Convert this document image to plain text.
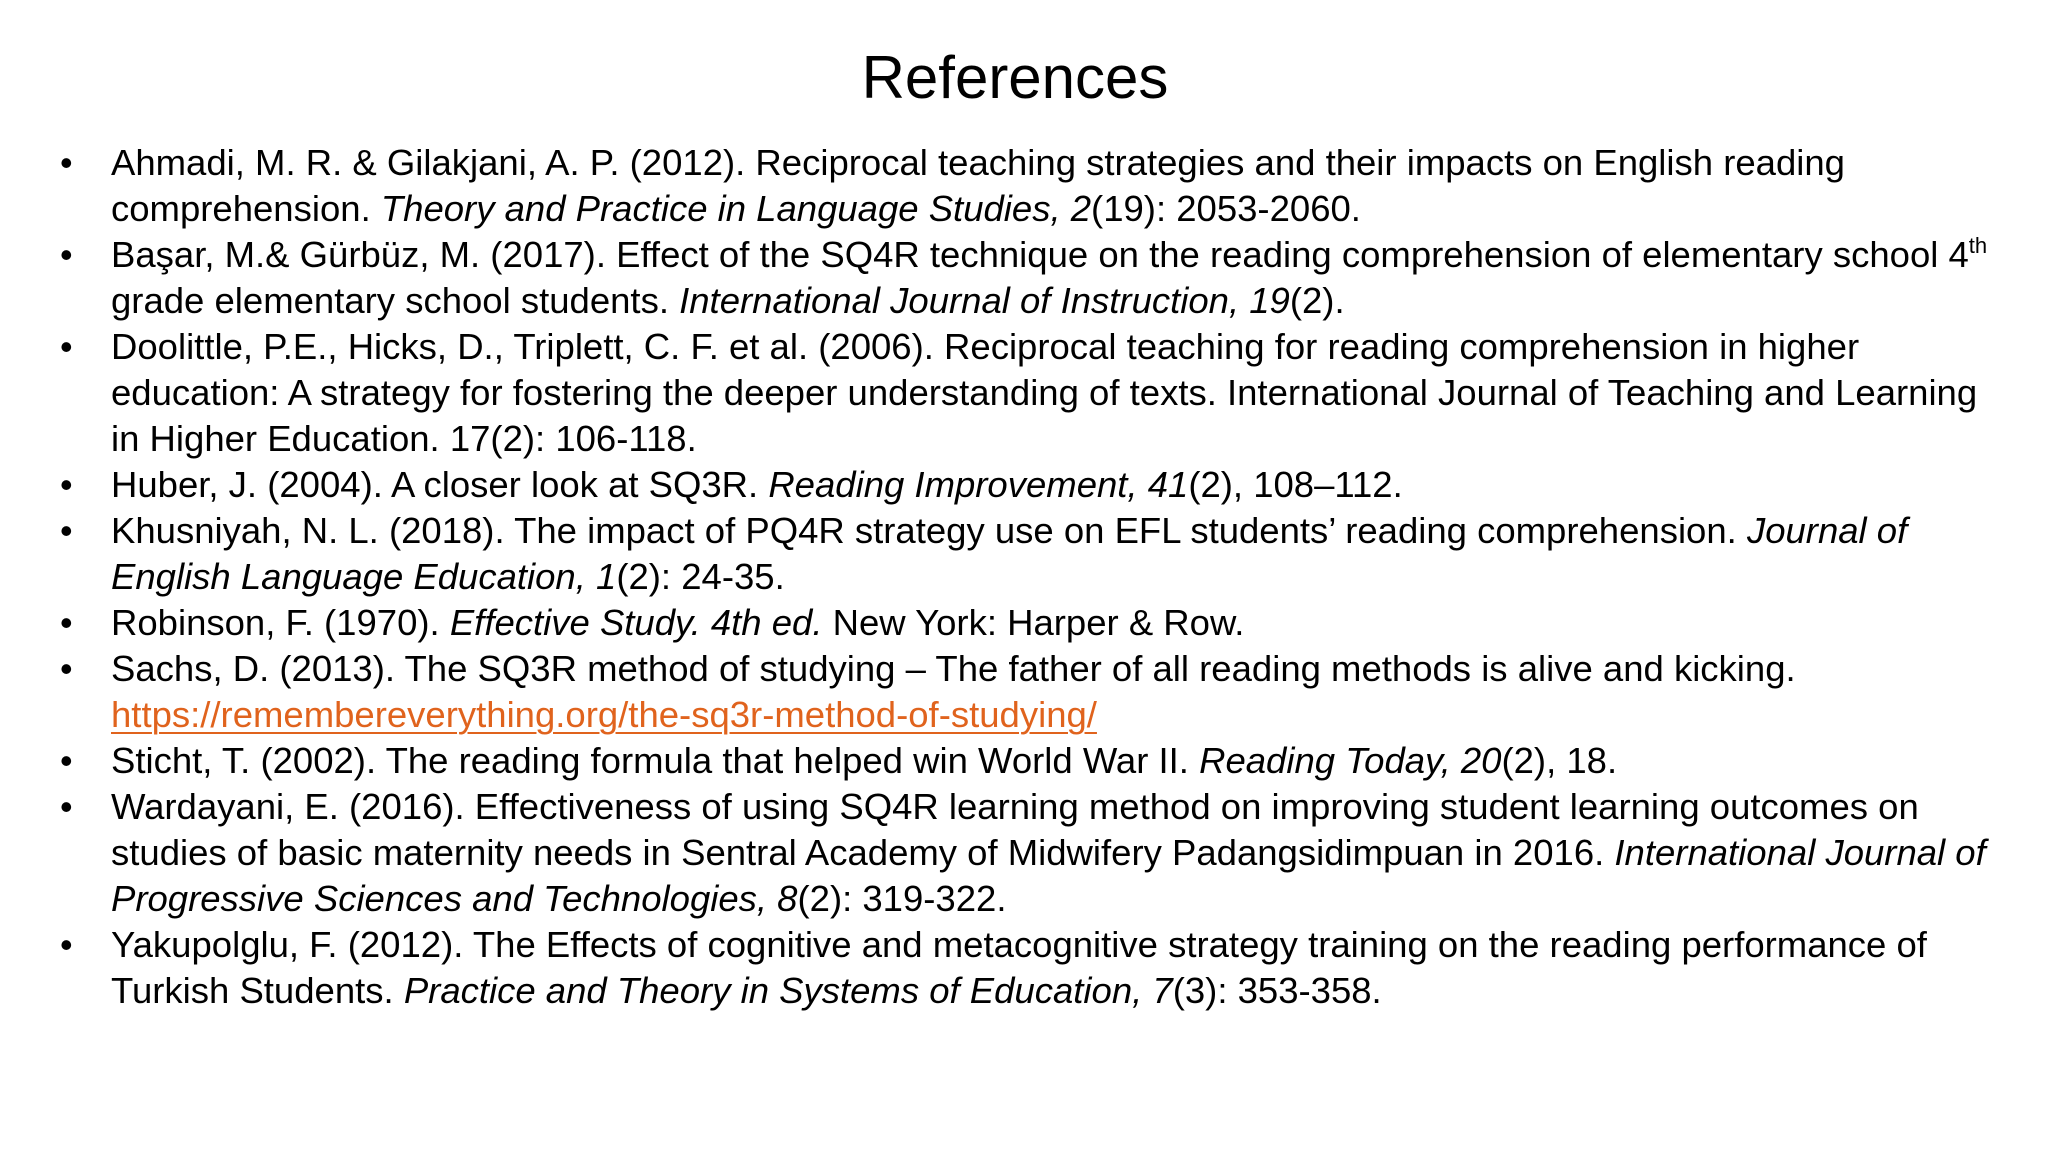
References
• Ahmadi, M. R. & Gilakjani, A. P. (2012). Reciprocal teaching strategies and their impacts on English reading comprehension. Theory and Practice in Language Studies, 2(19): 2053-2060.
• Başar, M.& Gürbüz, M. (2017). Effect of the SQ4R technique on the reading comprehension of elementary school 4th grade elementary school students. International Journal of Instruction, 19(2).
• Doolittle, P.E., Hicks, D., Triplett, C. F. et al. (2006). Reciprocal teaching for reading comprehension in higher education: A strategy for fostering the deeper understanding of texts. International Journal of Teaching and Learning in Higher Education. 17(2): 106-118.
• Huber, J. (2004). A closer look at SQ3R. Reading Improvement, 41(2), 108–112.
• Khusniyah, N. L. (2018). The impact of PQ4R strategy use on EFL students’ reading comprehension. Journal of English Language Education, 1(2): 24-35.
• Robinson, F. (1970). Effective Study. 4th ed. New York: Harper & Row.
• Sachs, D. (2013). The SQ3R method of studying – The father of all reading methods is alive and kicking. https://remembereverything.org/the-sq3r-method-of-studying/
• Sticht, T. (2002). The reading formula that helped win World War II. Reading Today, 20(2), 18.
• Wardayani, E. (2016). Effectiveness of using SQ4R learning method on improving student learning outcomes on studies of basic maternity needs in Sentral Academy of Midwifery Padangsidimpuan in 2016. International Journal of Progressive Sciences and Technologies, 8(2): 319-322.
• Yakupolglu, F. (2012). The Effects of cognitive and metacognitive strategy training on the reading performance of Turkish Students. Practice and Theory in Systems of Education, 7(3): 353-358.
